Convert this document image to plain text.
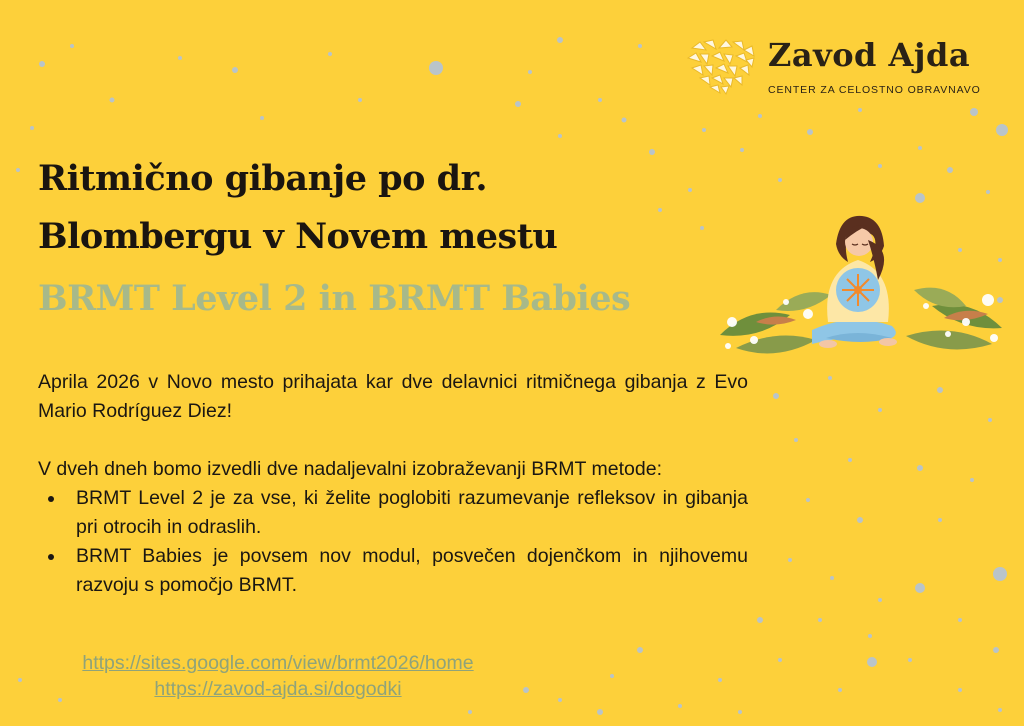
Zavod Ajda
CENTER ZA CELOSTNO OBRAVNAVO
Ritmično gibanje po dr.
Blombergu v Novem mestu
BRMT Level 2 in BRMT Babies

Aprila 2026 v Novo mesto prihajata kar dve delavnici ritmičnega gibanja z Evo Mario Rodríguez Diez!

V dveh dneh bomo izvedli dve nadaljevalni izobraževanji BRMT metode:

BRMT Level 2 je za vse, ki želite poglobiti razumevanje refleksov in gibanja pri otrocih in odraslih.
BRMT Babies je povsem nov modul, posvečen dojenčkom in njihovemu razvoju s pomočjo BRMT.
https://sites.google.com/view/brmt2026/home
https://zavod-ajda.si/dogodki
